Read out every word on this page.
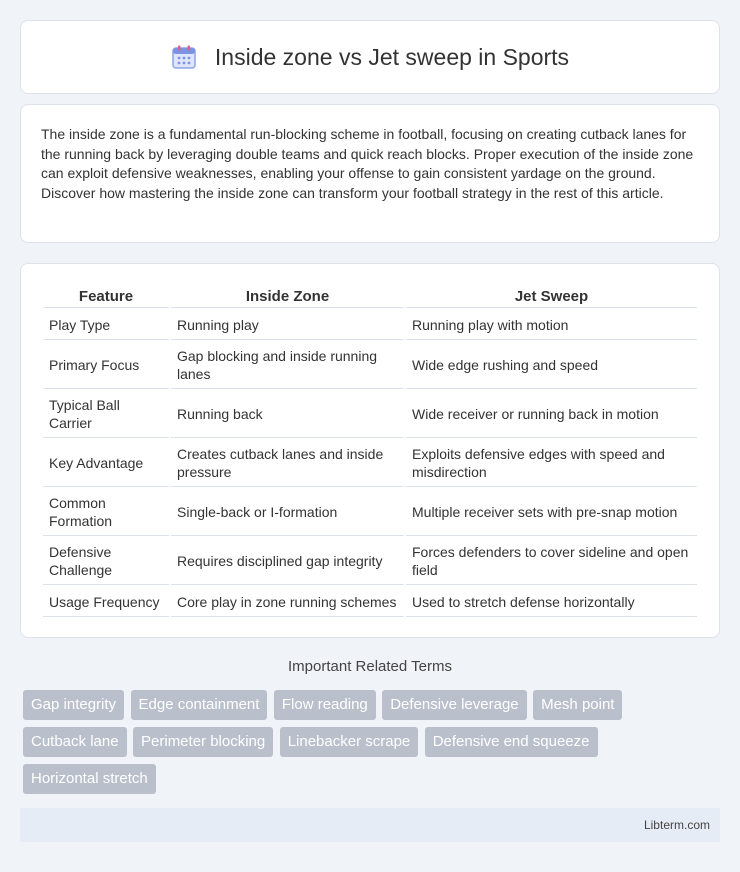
Inside zone vs Jet sweep in Sports

The inside zone is a fundamental run-blocking scheme in football, focusing on creating cutback lanes for the running back by leveraging double teams and quick reach blocks. Proper execution of the inside zone can exploit defensive weaknesses, enabling your offense to gain consistent yardage on the ground. Discover how mastering the inside zone can transform your football strategy in the rest of this article.

Feature	Inside Zone	Jet Sweep
Play Type	Running play	Running play with motion
Primary Focus	Gap blocking and inside running lanes	Wide edge rushing and speed
Typical Ball Carrier	Running back	Wide receiver or running back in motion
Key Advantage	Creates cutback lanes and inside pressure	Exploits defensive edges with speed and misdirection
Common Formation	Single-back or I-formation	Multiple receiver sets with pre-snap motion
Defensive Challenge	Requires disciplined gap integrity	Forces defenders to cover sideline and open field
Usage Frequency	Core play in zone running schemes	Used to stretch defense horizontally
Important Related Terms
Gap integrity Edge containment Flow reading Defensive leverage Mesh point
Cutback lane Perimeter blocking Linebacker scrape Defensive end squeeze
Horizontal stretch
Libterm.com
